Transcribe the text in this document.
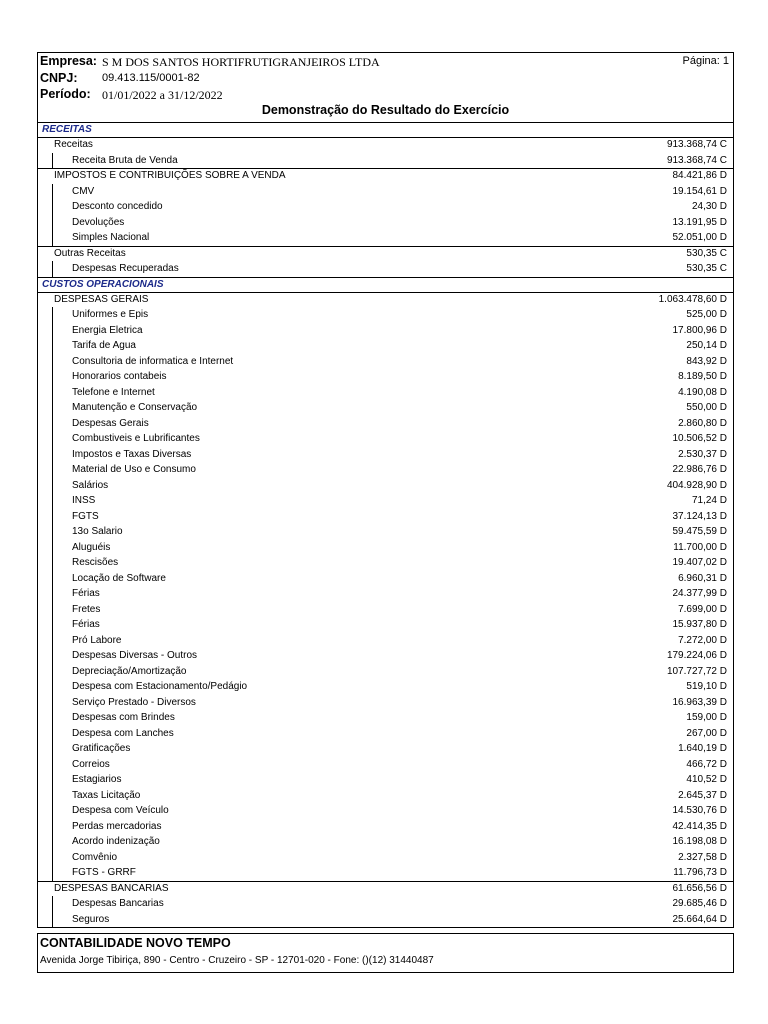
Empresa: S M DOS SANTOS HORTIFRUTIGRANJEIROS LTDA	Página: 1
CNPJ: 09.413.115/0001-82
Período: 01/01/2022 a 31/12/2022
Demonstração do Resultado do Exercício
RECEITAS
Receitas	913.368,74 C
Receita Bruta de Venda	913.368,74 C
IMPOSTOS E CONTRIBUIÇÕES SOBRE A VENDA	84.421,86 D
CMV	19.154,61 D
Desconto concedido	24,30 D
Devoluções	13.191,95 D
Simples Nacional	52.051,00 D
Outras Receitas	530,35 C
Despesas Recuperadas	530,35 C
CUSTOS OPERACIONAIS
DESPESAS GERAIS	1.063.478,60 D
Uniformes e Epis	525,00 D
Energia Eletrica	17.800,96 D
Tarifa de Agua	250,14 D
Consultoria de informatica e Internet	843,92 D
Honorarios contabeis	8.189,50 D
Telefone e Internet	4.190,08 D
Manutenção e Conservação	550,00 D
Despesas Gerais	2.860,80 D
Combustiveis e Lubrificantes	10.506,52 D
Impostos e Taxas Diversas	2.530,37 D
Material de Uso e Consumo	22.986,76 D
Salários	404.928,90 D
INSS	71,24 D
FGTS	37.124,13 D
13o Salario	59.475,59 D
Aluguéis	11.700,00 D
Rescisões	19.407,02 D
Locação de Software	6.960,31 D
Férias	24.377,99 D
Fretes	7.699,00 D
Férias	15.937,80 D
Pró Labore	7.272,00 D
Despesas Diversas - Outros	179.224,06 D
Depreciação/Amortização	107.727,72 D
Despesa com Estacionamento/Pedágio	519,10 D
Serviço Prestado - Diversos	16.963,39 D
Despesas com Brindes	159,00 D
Despesa com Lanches	267,00 D
Gratificações	1.640,19 D
Correios	466,72 D
Estagiarios	410,52 D
Taxas Licitação	2.645,37 D
Despesa com Veículo	14.530,76 D
Perdas mercadorias	42.414,35 D
Acordo indenização	16.198,08 D
Comvênio	2.327,58 D
FGTS - GRRF	11.796,73 D
DESPESAS BANCARIAS	61.656,56 D
Despesas Bancarias	29.685,46 D
Seguros	25.664,64 D
CONTABILIDADE NOVO TEMPO
Avenida Jorge Tibiriça, 890 - Centro - Cruzeiro - SP - 12701-020 - Fone: ()(12) 31440487
